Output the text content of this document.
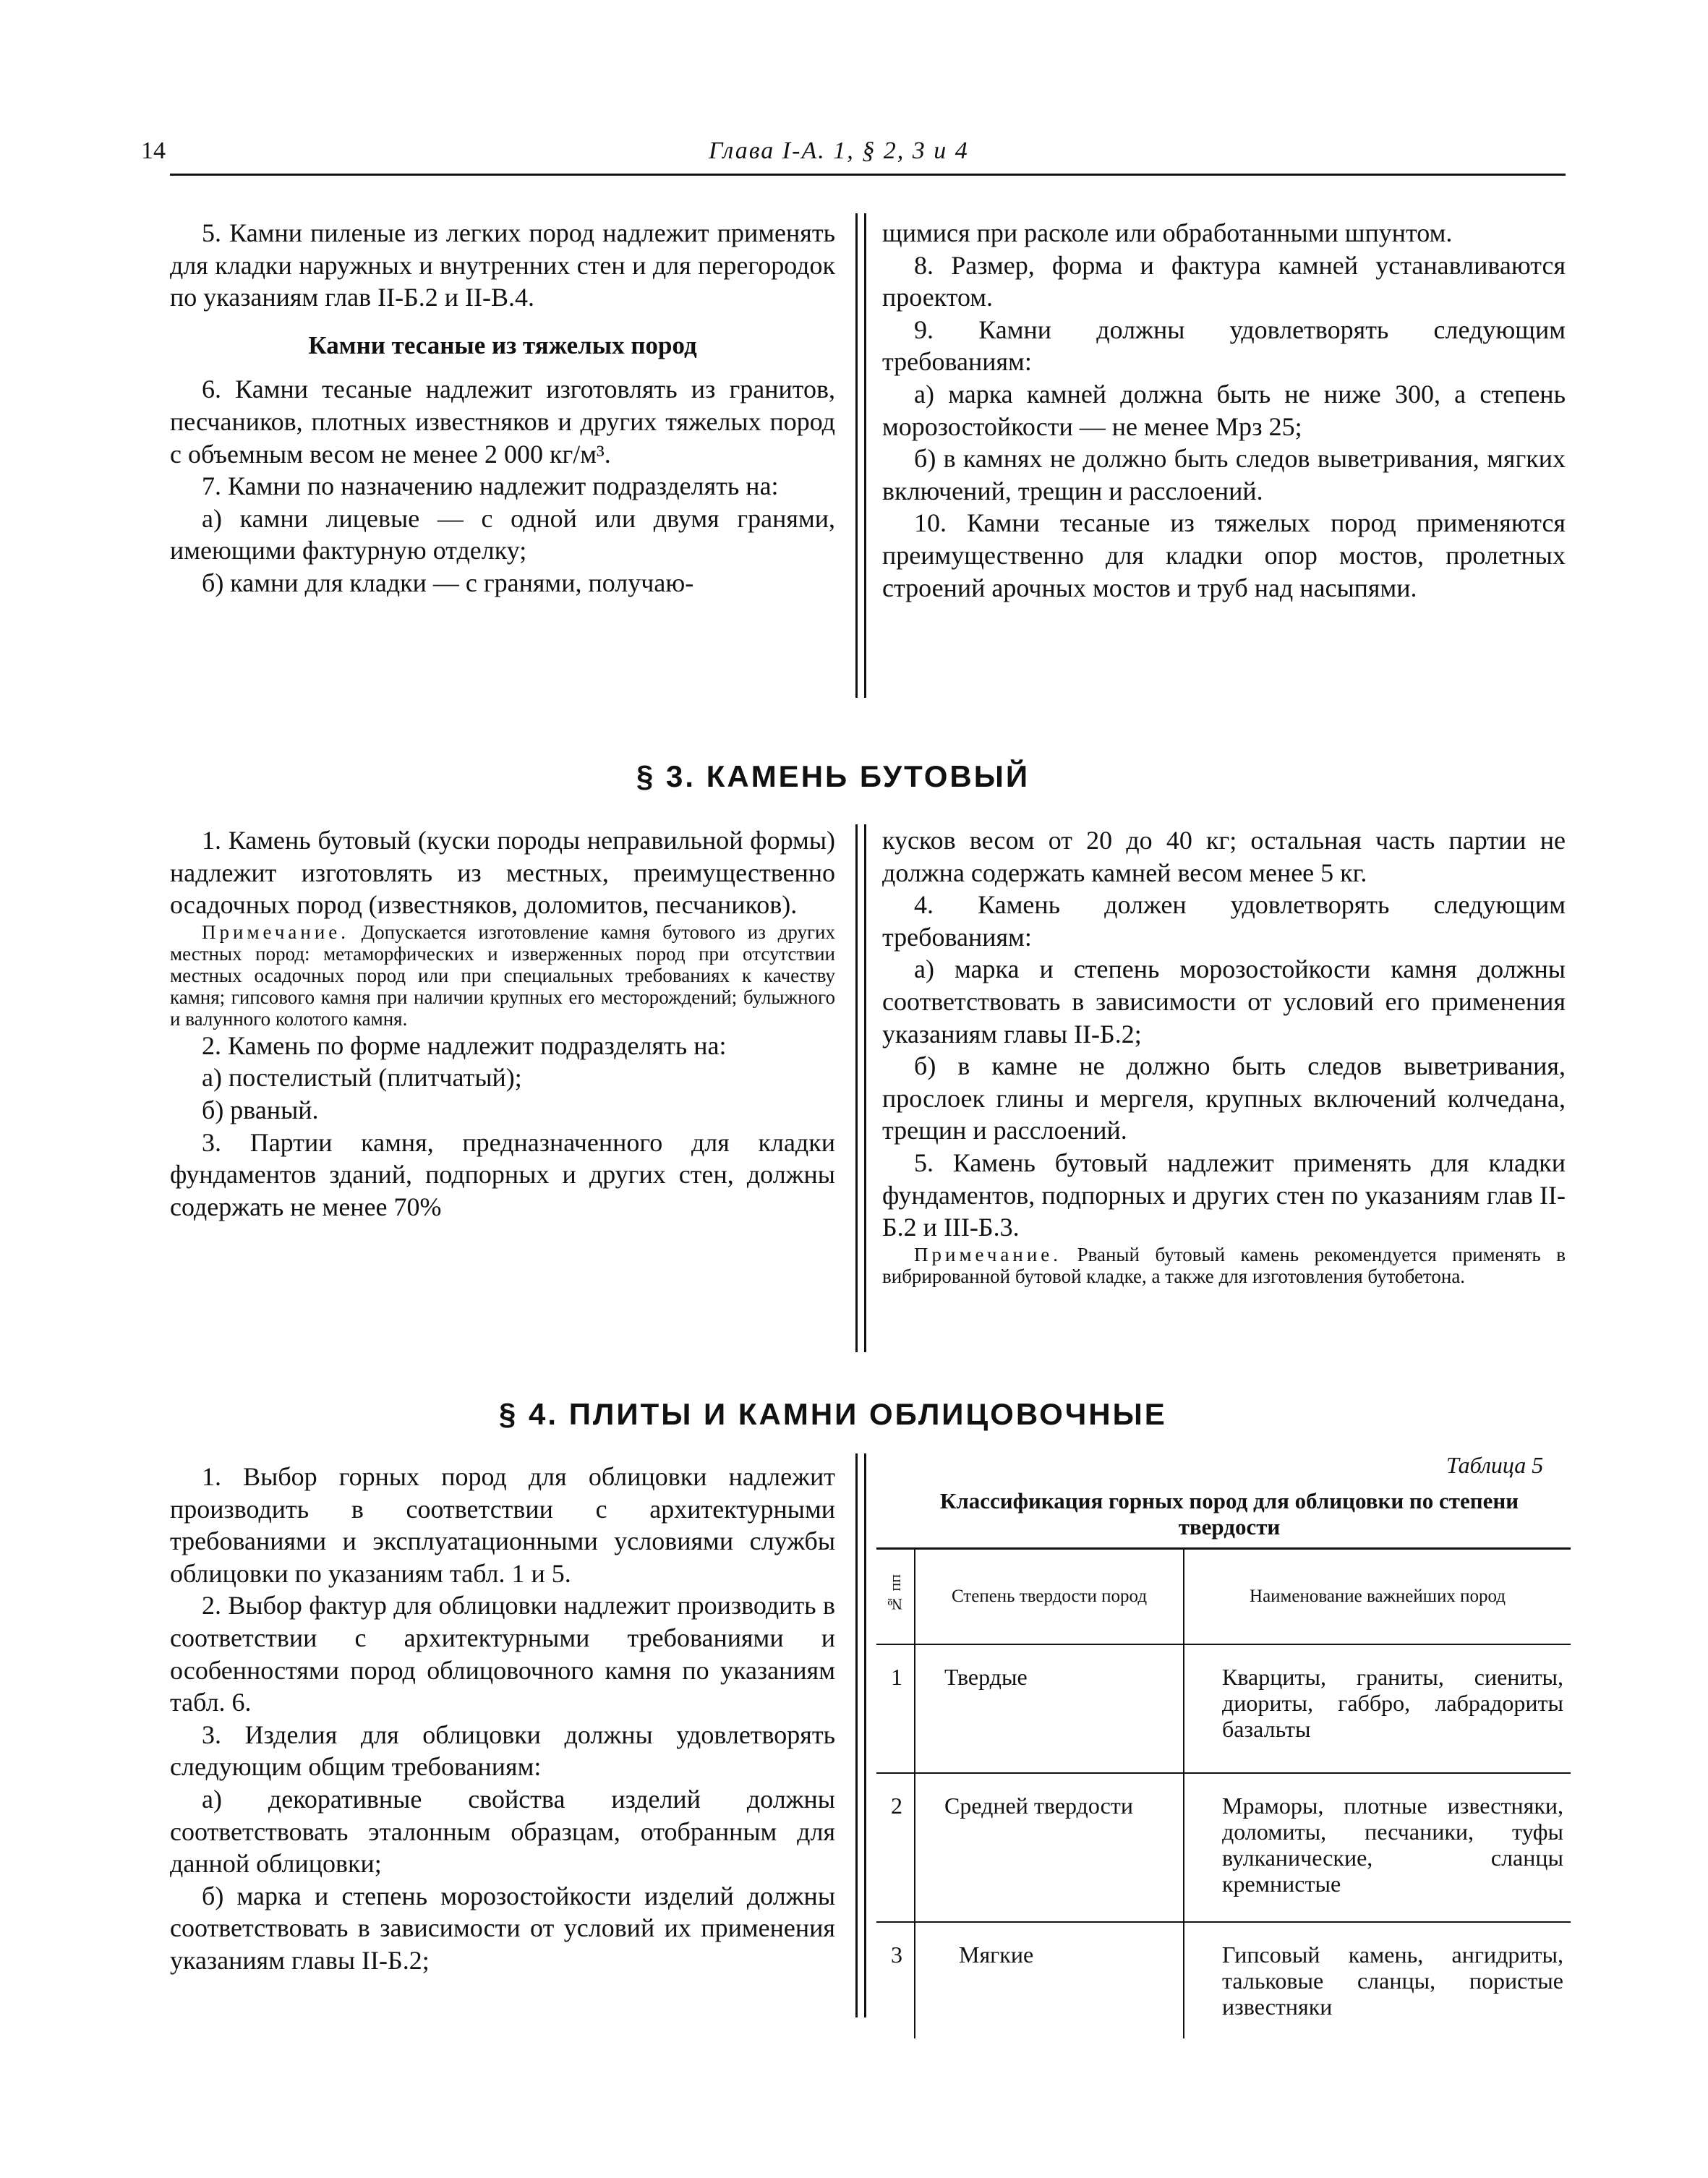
14	Глава I-A. 1, § 2, 3 и 4

5. Камни пиленые из легких пород надлежит применять для кладки наружных и внутренних стен и для перегородок по указаниям глав II-Б.2 и II-В.4.

Камни тесаные из тяжелых пород

6. Камни тесаные надлежит изготовлять из гранитов, песчаников, плотных известняков и других тяжелых пород с объемным весом не менее 2 000 кг/м³.

7. Камни по назначению надлежит подразделять на:

а) камни лицевые — с одной или двумя гранями, имеющими фактурную отделку;

б) камни для кладки — с гранями, получаю-

щимися при расколе или обработанными шпунтом.

8. Размер, форма и фактура камней устанавливаются проектом.

9. Камни должны удовлетворять следующим требованиям:

а) марка камней должна быть не ниже 300, а степень морозостойкости — не менее Мрз 25;

б) в камнях не должно быть следов выветривания, мягких включений, трещин и расслоений.

10. Камни тесаные из тяжелых пород применяются преимущественно для кладки опор мостов, пролетных строений арочных мостов и труб над насыпями.

§ 3. КАМЕНЬ БУТОВЫЙ

1. Камень бутовый (куски породы неправильной формы) надлежит изготовлять из местных, преимущественно осадочных пород (известняков, доломитов, песчаников).

Примечание. Допускается изготовление камня бутового из других местных пород: метаморфических и изверженных пород при отсутствии местных осадочных пород или при специальных требованиях к качеству камня; гипсового камня при наличии крупных его месторождений; булыжного и валунного колотого камня.

2. Камень по форме надлежит подразделять на:

а) постелистый (плитчатый);

б) рваный.

3. Партии камня, предназначенного для кладки фундаментов зданий, подпорных и других стен, должны содержать не менее 70%

кусков весом от 20 до 40 кг; остальная часть партии не должна содержать камней весом менее 5 кг.

4. Камень должен удовлетворять следующим требованиям:

а) марка и степень морозостойкости камня должны соответствовать в зависимости от условий его применения указаниям главы II-Б.2;

б) в камне не должно быть следов выветривания, прослоек глины и мергеля, крупных включений колчедана, трещин и расслоений.

5. Камень бутовый надлежит применять для кладки фундаментов, подпорных и других стен по указаниям глав II-Б.2 и III-Б.3.

Примечание. Рваный бутовый камень рекомендуется применять в вибрированной бутовой кладке, а также для изготовления бутобетона.

§ 4. ПЛИТЫ И КАМНИ ОБЛИЦОВОЧНЫЕ

1. Выбор горных пород для облицовки надлежит производить в соответствии с архитектурными требованиями и эксплуатационными условиями службы облицовки по указаниям табл. 1 и 5.

2. Выбор фактур для облицовки надлежит производить в соответствии с архитектурными требованиями и особенностями пород облицовочного камня по указаниям табл. 6.

3. Изделия для облицовки должны удовлетворять следующим общим требованиям:

а) декоративные свойства изделий должны соответствовать эталонным образцам, отобранным для данной облицовки;

б) марка и степень морозостойкости изделий должны соответствовать в зависимости от условий их применения указаниям главы II-Б.2;

Таблица 5
Классификация горных пород для облицовки по степени твердости
№ пп	Степень твердости пород	Наименование важнейших пород
1	Твердые	Кварциты, граниты, сиениты, диориты, габбро, лабрадориты базальты
2	Средней твердости	Мраморы, плотные известняки, доломиты, песчаники, туфы вулканические, сланцы кремнистые
3	Мягкие	Гипсовый камень, ангидриты, тальковые сланцы, пористые известняки
